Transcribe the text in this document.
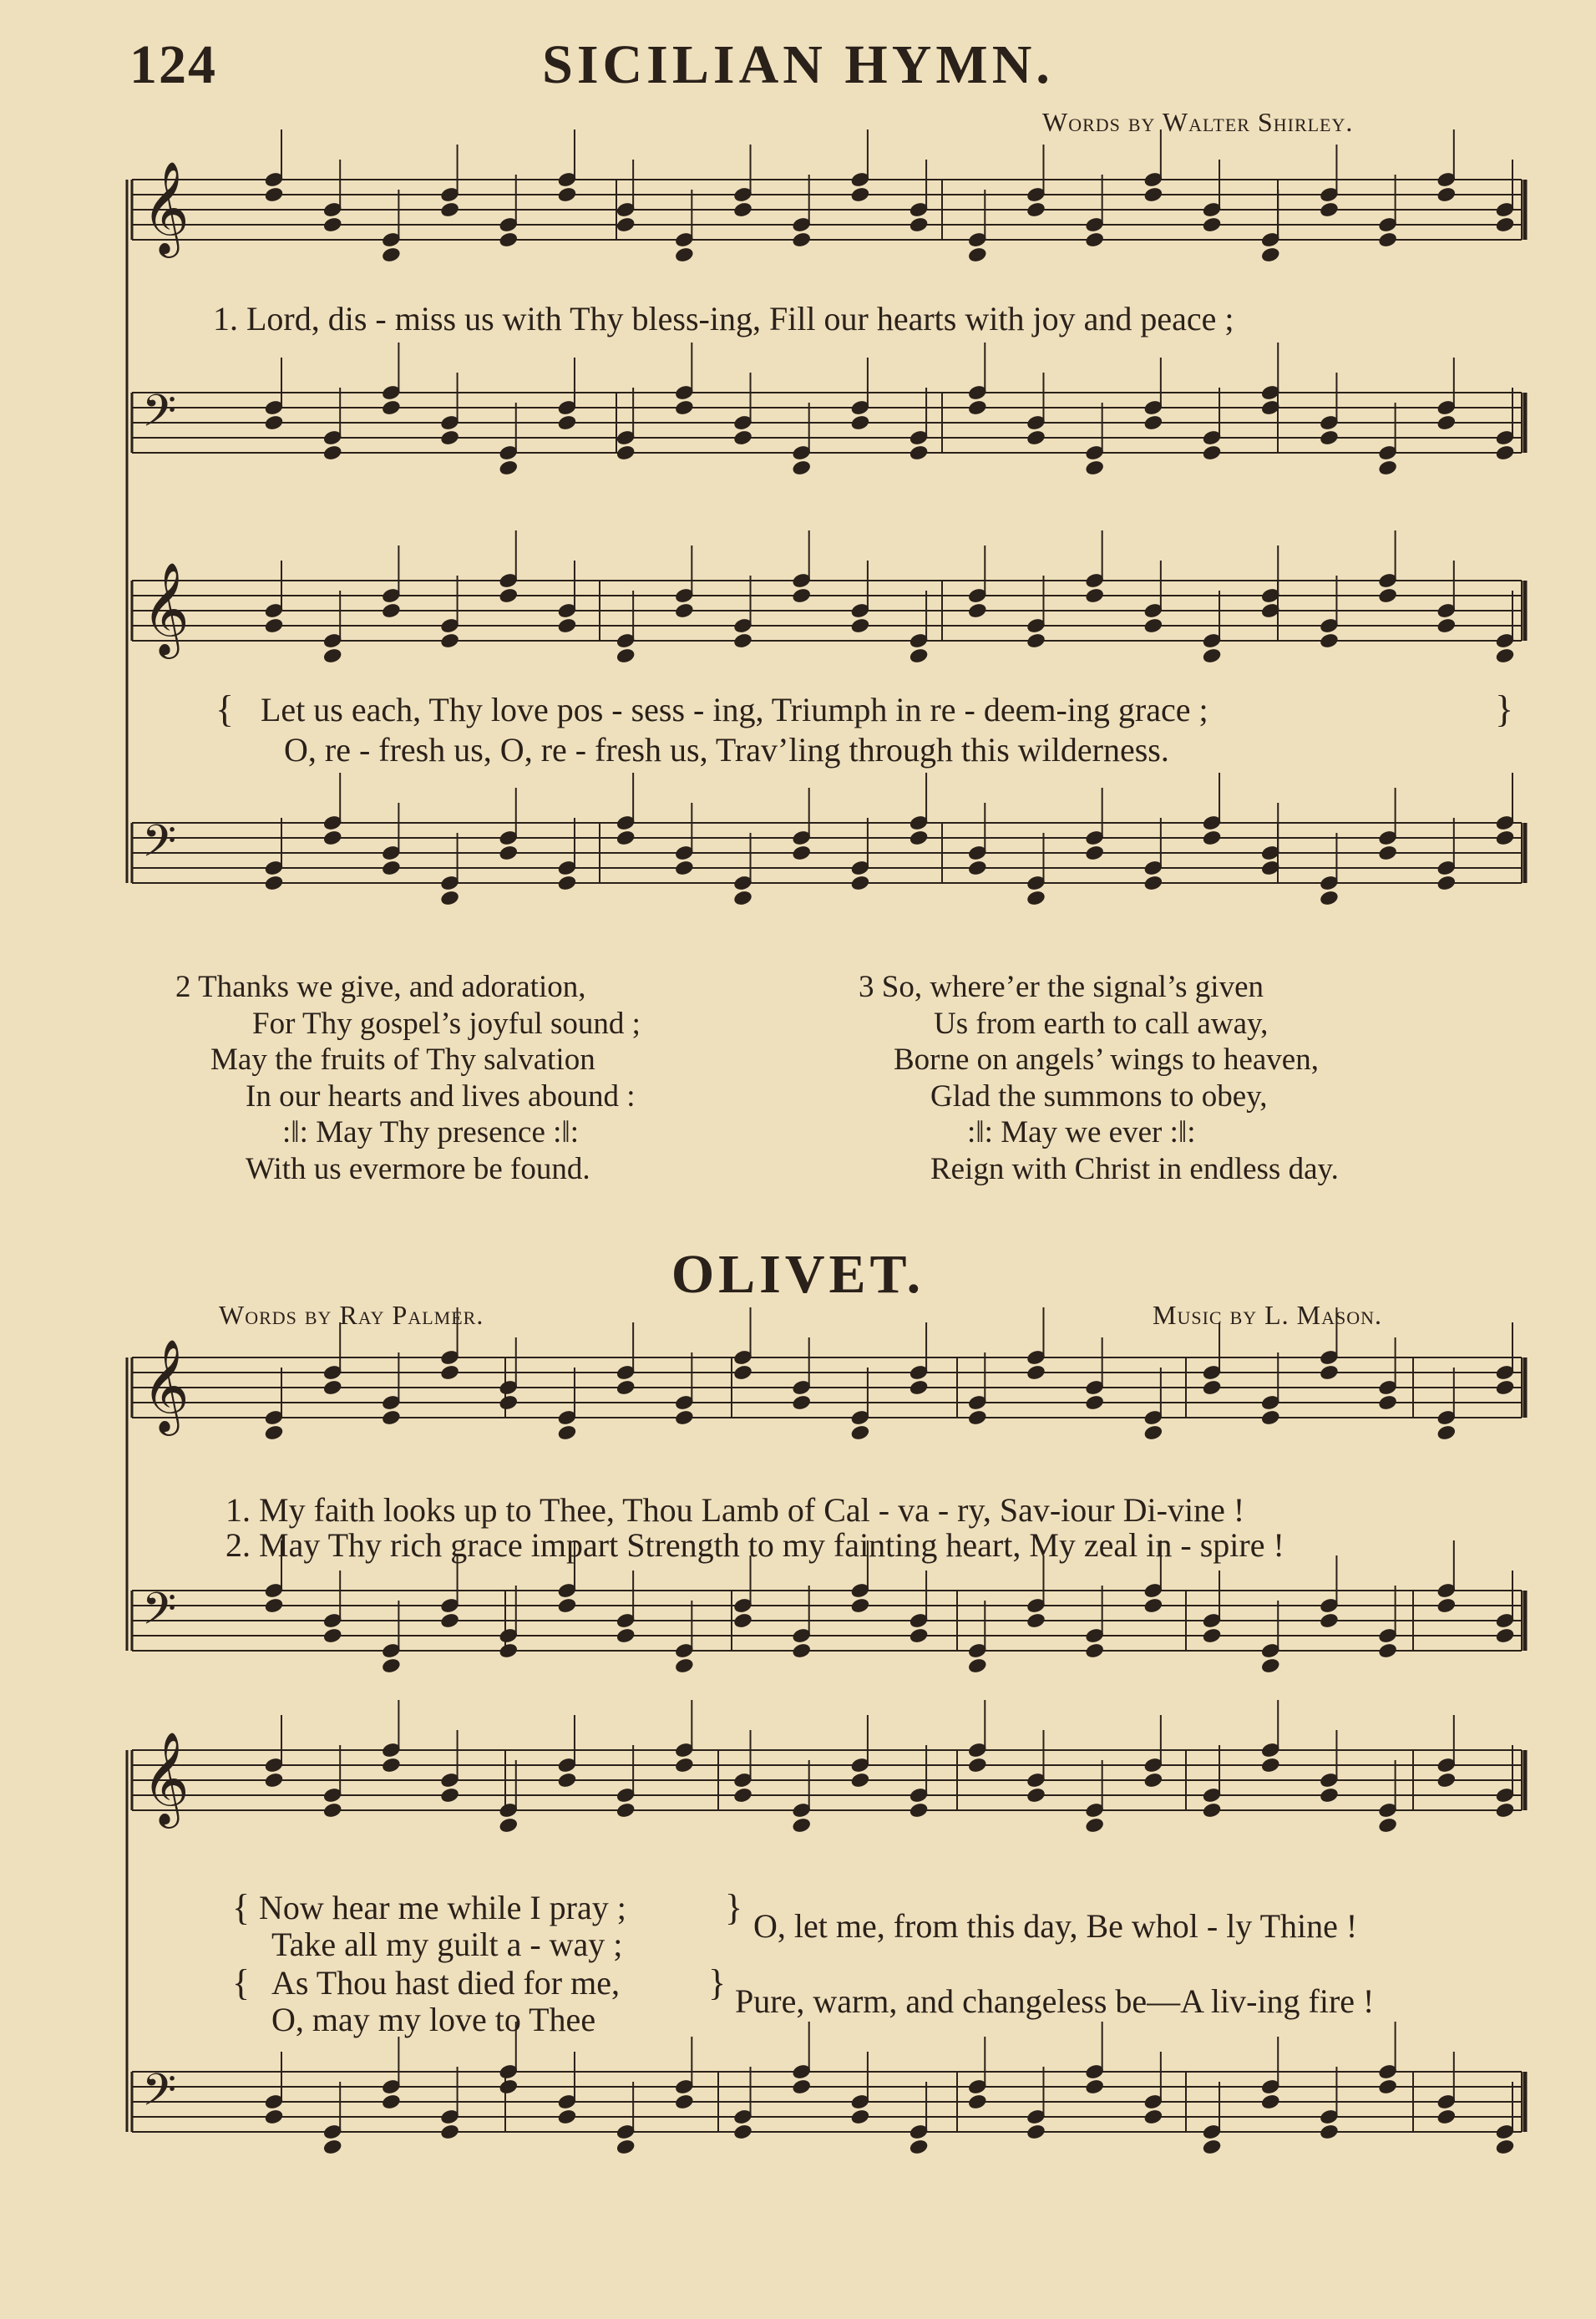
124	SICILIAN HYMN.
Words by Walter Shirley.
𝄞
𝄢
𝄞
𝄢
𝄞
𝄢
𝄞
𝄢
1. Lord, dis - miss us with Thy bless-ing, Fill our hearts with joy and peace ;
{ Let us each, Thy love pos - sess - ing, Triumph in re - deem-ing grace ;
O, re - fresh us, O, re - fresh us, Trav’ling through this wilderness.
}
2 Thanks we give, and adoration,
For Thy gospel’s joyful sound ;
May the fruits of Thy salvation
In our hearts and lives abound :
:‖: May Thy presence :‖:
With us evermore be found.
3 So, where’er the signal’s given
Us from earth to call away,
Borne on angels’ wings to heaven,
Glad the summons to obey,
:‖: May we ever :‖:
Reign with Christ in endless day.
OLIVET.
Words by Ray Palmer.	Music by L. Mason.
1. My faith looks up to Thee, Thou Lamb of Cal - va - ry, Sav-iour Di-vine !
2. May Thy rich grace impart Strength to my fainting heart, My zeal in - spire !
{ Now hear me while I pray ;
Take all my guilt a - way ;
} O, let me, from this day, Be whol - ly Thine !
{ As Thou hast died for me,
O, may my love to Thee
} Pure, warm, and changeless be—A liv-ing fire !
